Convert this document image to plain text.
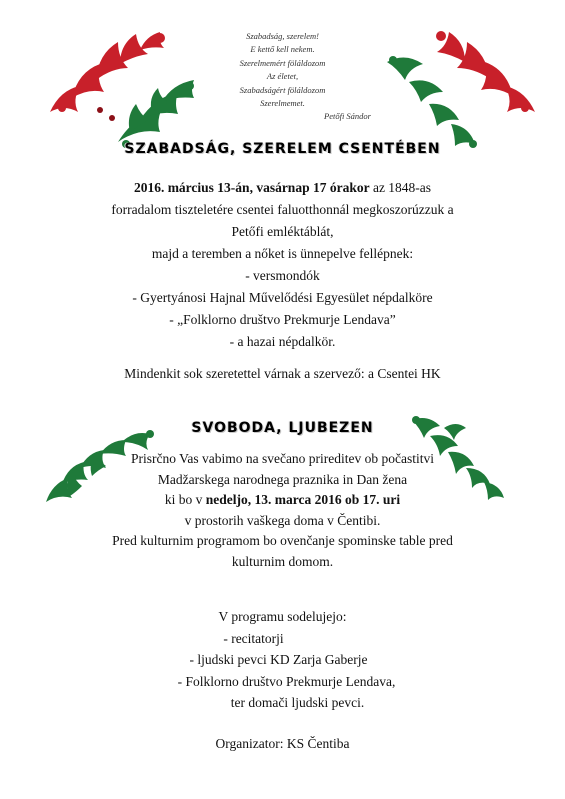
Szabadság, szerelem!
E kettő kell nekem.
Szerelmemért föláldozom
Az életet,
Szabadságért föláldozom
Szerelmemet.
Petőfi Sándor
SZABADSÁG, SZERELEM CSENTÉBEN
2016. március 13-án, vasárnap 17 órakor az 1848-as
forradalom tiszteletére csentei faluotthonnál megkoszorúzzuk a
Petőfi emléktáblát,
majd a teremben a nőket is ünnepelve fellépnek:
- versmondók
- Gyertyánosi Hajnal Művelődési Egyesület népdalköre
- „Folklorno društvo Prekmurje Lendava”
- a hazai népdalkör.
Mindenkit sok szeretettel várnak a szervező: a Csentei HK
SVOBODA, LJUBEZEN
Prisrčno Vas vabimo na svečano prireditev ob počastitvi
Madžarskega narodnega praznika in Dan žena
ki bo v nedeljo, 13. marca 2016 ob 17. uri
v prostorih vaškega doma v Čentibi.
Pred kulturnim programom bo ovenčanje spominske table pred
kulturnim domom.
V programu sodelujejo:
- recitatorji
- ljudski pevci KD Zarja Gaberje
- Folklorno društvo Prekmurje Lendava,
ter domači ljudski pevci.
Organizator: KS Čentiba
